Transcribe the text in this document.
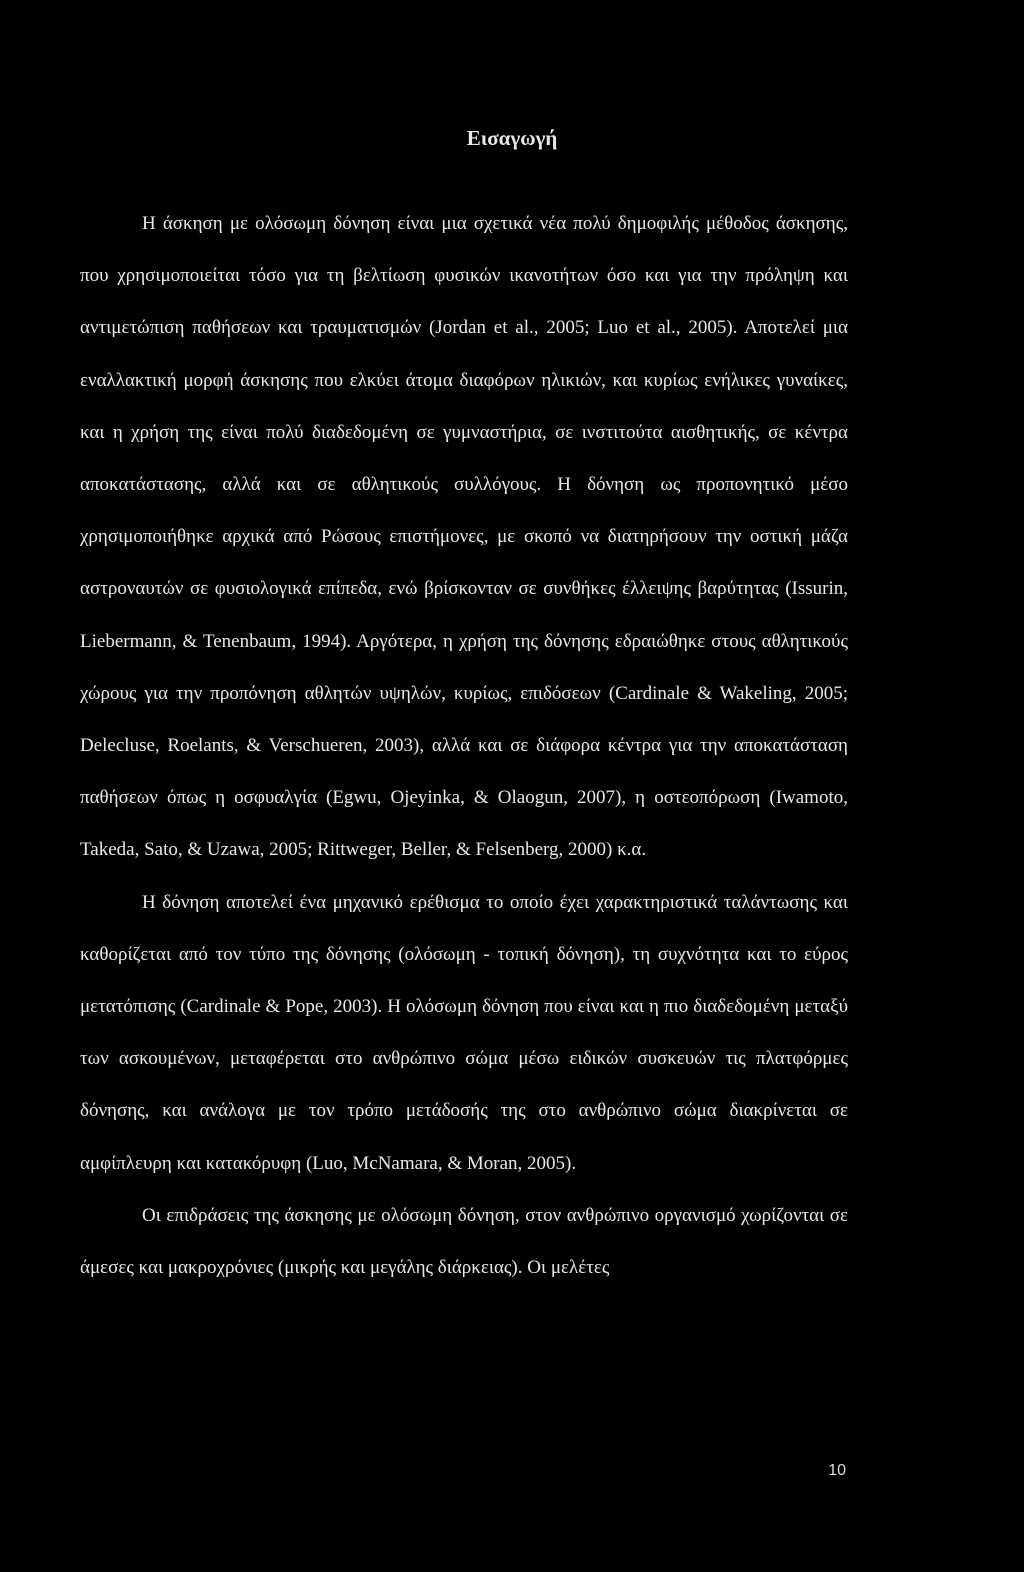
Εισαγωγή

Η άσκηση με ολόσωμη δόνηση είναι μια σχετικά νέα πολύ δημοφιλής μέθοδος άσκησης, που χρησιμοποιείται τόσο για τη βελτίωση φυσικών ικανοτήτων όσο και για την πρόληψη και αντιμετώπιση παθήσεων και τραυματισμών (Jordan et al., 2005; Luo et al., 2005). Αποτελεί μια εναλλακτική μορφή άσκησης που ελκύει άτομα διαφόρων ηλικιών, και κυρίως ενήλικες γυναίκες, και η χρήση της είναι πολύ διαδεδομένη σε γυμναστήρια, σε ινστιτούτα αισθητικής, σε κέντρα αποκατάστασης, αλλά και σε αθλητικούς συλλόγους. Η δόνηση ως προπονητικό μέσο χρησιμοποιήθηκε αρχικά από Ρώσους επιστήμονες, με σκοπό να διατηρήσουν την οστική μάζα αστροναυτών σε φυσιολογικά επίπεδα, ενώ βρίσκονταν σε συνθήκες έλλειψης βαρύτητας (Issurin, Liebermann, & Tenenbaum, 1994). Αργότερα, η χρήση της δόνησης εδραιώθηκε στους αθλητικούς χώρους για την προπόνηση αθλητών υψηλών, κυρίως, επιδόσεων (Cardinale & Wakeling, 2005; Delecluse, Roelants, & Verschueren, 2003), αλλά και σε διάφορα κέντρα για την αποκατάσταση παθήσεων όπως η οσφυαλγία (Egwu, Ojeyinka, & Olaogun, 2007), η οστεοπόρωση (Iwamoto, Takeda, Sato, & Uzawa, 2005; Rittweger, Beller, & Felsenberg, 2000) κ.α.

Η δόνηση αποτελεί ένα μηχανικό ερέθισμα το οποίο έχει χαρακτηριστικά ταλάντωσης και καθορίζεται από τον τύπο της δόνησης (ολόσωμη - τοπική δόνηση), τη συχνότητα και το εύρος μετατόπισης (Cardinale & Pope, 2003). Η ολόσωμη δόνηση που είναι και η πιο διαδεδομένη μεταξύ των ασκουμένων, μεταφέρεται στο ανθρώπινο σώμα μέσω ειδικών συσκευών τις πλατφόρμες δόνησης, και ανάλογα με τον τρόπο μετάδοσής της στο ανθρώπινο σώμα διακρίνεται σε αμφίπλευρη και κατακόρυφη (Luo, McNamara, & Moran, 2005).

Οι επιδράσεις της άσκησης με ολόσωμη δόνηση, στον ανθρώπινο οργανισμό χωρίζονται σε άμεσες και μακροχρόνιες (μικρής και μεγάλης διάρκειας). Οι μελέτες

10
